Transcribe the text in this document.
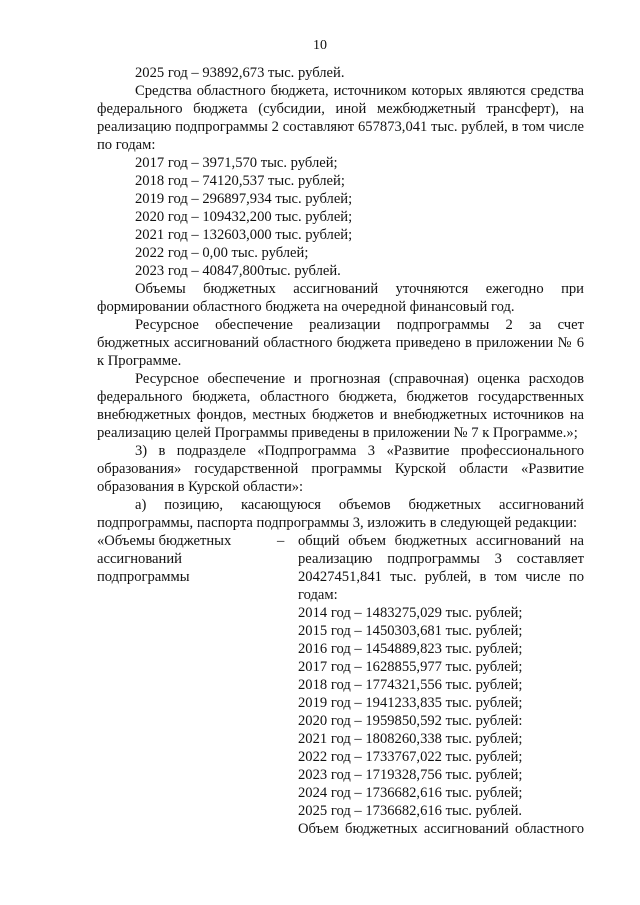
10

2025 год – 93892,673 тыс. рублей.

Средства областного бюджета, источником которых являются средства федерального бюджета (субсидии, иной межбюджетный трансферт), на реализацию подпрограммы 2 составляют 657873,041 тыс. рублей, в том числе по годам:

2017 год – 3971,570 тыс. рублей;

2018 год – 74120,537 тыс. рублей;

2019 год – 296897,934 тыс. рублей;

2020 год – 109432,200 тыс. рублей;

2021 год – 132603,000 тыс. рублей;

2022 год – 0,00 тыс. рублей;

2023 год – 40847,800тыс. рублей.

Объемы бюджетных ассигнований уточняются ежегодно при формировании областного бюджета на очередной финансовый год.

Ресурсное обеспечение реализации подпрограммы 2 за счет бюджетных ассигнований областного бюджета приведено в приложении № 6 к Программе.

Ресурсное обеспечение и прогнозная (справочная) оценка расходов федерального бюджета, областного бюджета, бюджетов государственных внебюджетных фондов, местных бюджетов и внебюджетных источников на реализацию целей Программы приведены в приложении № 7 к Программе.»;

3) в подразделе «Подпрограмма 3 «Развитие профессионального образования» государственной программы Курской области «Развитие образования в Курской области»:

а) позицию, касающуюся объемов бюджетных ассигнований подпрограммы, паспорта подпрограммы 3, изложить в следующей редакции:

«Объемы бюджетных ассигнований подпрограммы
– общий объем бюджетных ассигнований на реализацию подпрограммы 3 составляет 20427451,841 тыс. рублей, в том числе по годам:

2014 год – 1483275,029 тыс. рублей;

2015 год – 1450303,681 тыс. рублей;

2016 год – 1454889,823 тыс. рублей;

2017 год – 1628855,977 тыс. рублей;

2018 год – 1774321,556 тыс. рублей;

2019 год – 1941233,835 тыс. рублей;

2020 год – 1959850,592 тыс. рублей:

2021 год – 1808260,338 тыс. рублей;

2022 год – 1733767,022 тыс. рублей;

2023 год – 1719328,756 тыс. рублей;

2024 год – 1736682,616 тыс. рублей;

2025 год – 1736682,616 тыс. рублей.

Объем бюджетных ассигнований областного
